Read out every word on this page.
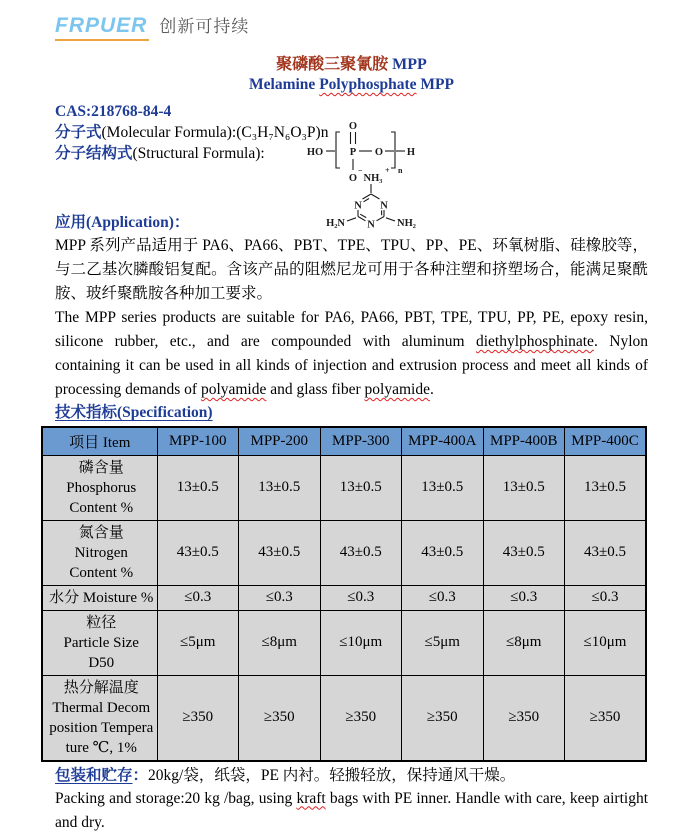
FRPUER 创新可持续
聚磷酸三聚氰胺 MPP
Melamine Polyphosphate MPP
CAS:218768-84-4
分子式(Molecular Formula):(C₃H₇N₆O₃P)n
分子结构式(Structural Formula):
O
P
HO	O
n
H
O
−
NH₃
+
N N
N
H₂N	NH₂
应用(Application)：

MPP 系列产品适用于 PA6、PA66、PBT、TPE、TPU、PP、PE、环氧树脂、硅橡胶等，与二乙基次膦酸铝复配。含该产品的阻燃尼龙可用于各种注塑和挤塑场合，能满足聚酰胺、玻纤聚酰胺各种加工要求。

The MPP series products are suitable for PA6, PA66, PBT, TPE, TPU, PP, PE, epoxy resin, silicone rubber, etc., and are compounded with aluminum diethylphosphinate. Nylon containing it can be used in all kinds of injection and extrusion process and meet all kinds of processing demands of polyamide and glass fiber polyamide.

技术指标(Specification)
项目 Item	MPP-100	MPP-200	MPP-300	MPP-400A	MPP-400B	MPP-400C

磷含量
Phosphorus
Content %	13±0.5	13±0.5	13±0.5	13±0.5	13±0.5	13±0.5

氮含量
Nitrogen
Content %	43±0.5	43±0.5	43±0.5	43±0.5	43±0.5	43±0.5

水分 Moisture %	≤0.3	≤0.3	≤0.3	≤0.3	≤0.3	≤0.3

粒径
Particle Size
D50	≤5μm	≤8μm	≤10μm	≤5μm	≤8μm	≤10μm

热分解温度
Thermal Decom
position Tempera
ture ℃, 1%	≥350	≥350	≥350	≥350	≥350	≥350
包装和贮存：20kg/袋，纸袋，PE 内衬。轻搬轻放，保持通风干燥。

Packing and storage:20 kg /bag, using kraft bags with PE inner. Handle with care, keep airtight and dry.
